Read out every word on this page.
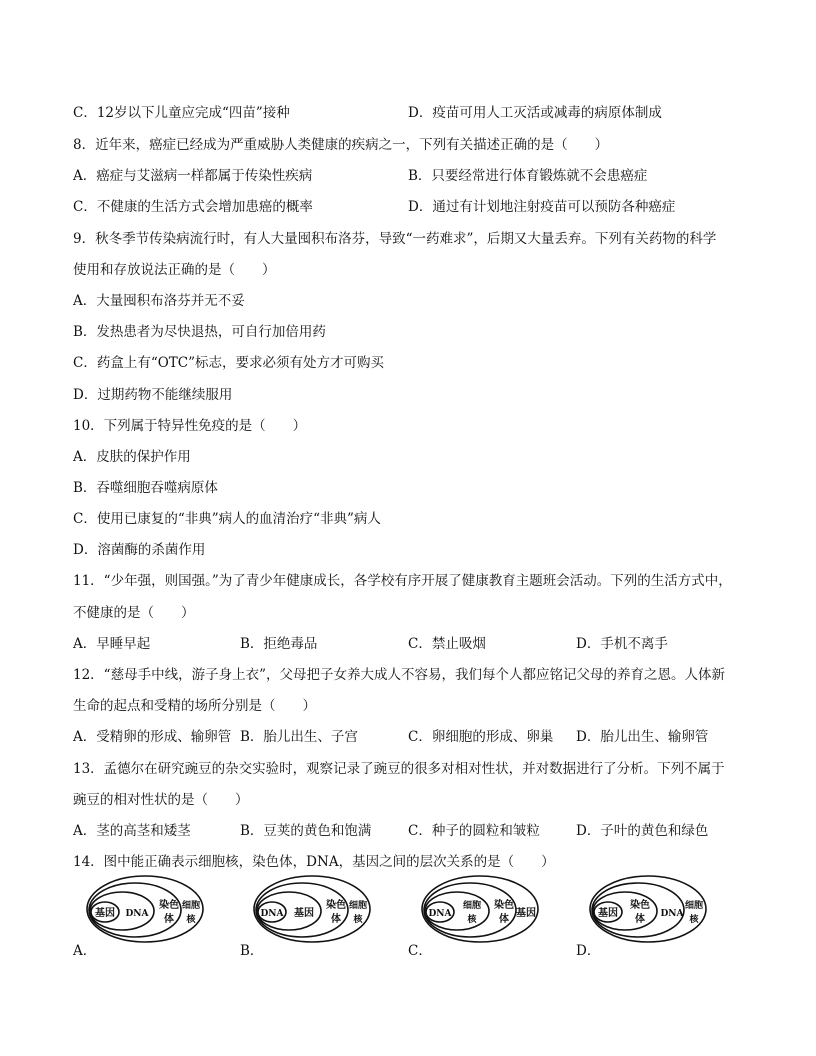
C．12岁以下儿童应完成“四苗”接种	D．疫苗可用人工灭活或减毒的病原体制成
8．近年来，癌症已经成为严重威胁人类健康的疾病之一，下列有关描述正确的是（　　）
A．癌症与艾滋病一样都属于传染性疾病	B．只要经常进行体育锻炼就不会患癌症
C．不健康的生活方式会增加患癌的概率	D．通过有计划地注射疫苗可以预防各种癌症
9．秋冬季节传染病流行时，有人大量囤积布洛芬，导致“一药难求”，后期又大量丢弃。下列有关药物的科学
使用和存放说法正确的是（　　）
A．大量囤积布洛芬并无不妥
B．发热患者为尽快退热，可自行加倍用药
C．药盒上有“OTC”标志，要求必须有处方才可购买
D．过期药物不能继续服用
10．下列属于特异性免疫的是（　　）
A．皮肤的保护作用
B．吞噬细胞吞噬病原体
C．使用已康复的“非典”病人的血清治疗“非典”病人
D．溶菌酶的杀菌作用
11．“少年强，则国强。”为了青少年健康成长，各学校有序开展了健康教育主题班会活动。下列的生活方式中，
不健康的是（　　）
A．早睡早起	B．拒绝毒品	C．禁止吸烟	D．手机不离手
12．“慈母手中线，游子身上衣”，父母把子女养大成人不容易，我们每个人都应铭记父母的养育之恩。人体新
生命的起点和受精的场所分别是（　　）
A．受精卵的形成、输卵管 B．胎儿出生、子宫	C．卵细胞的形成、卵巢 D．胎儿出生、输卵管
13．孟德尔在研究豌豆的杂交实验时，观察记录了豌豆的很多对相对性状，并对数据进行了分析。下列不属于
豌豆的相对性状的是（　　）
A．茎的高茎和矮茎	B．豆荚的黄色和饱满	C．种子的圆粒和皱粒	D．子叶的黄色和绿色
14．图中能正确表示细胞核，染色体，DNA，基因之间的层次关系的是（　　）
A．	B．	C．	D．
基因 DNA
染色
体
细胞
核
DNA 基因
染色
体
细胞
核
DNA
细胞
核
染色
体
基因	基因
染色
体 DNA
细胞
核
